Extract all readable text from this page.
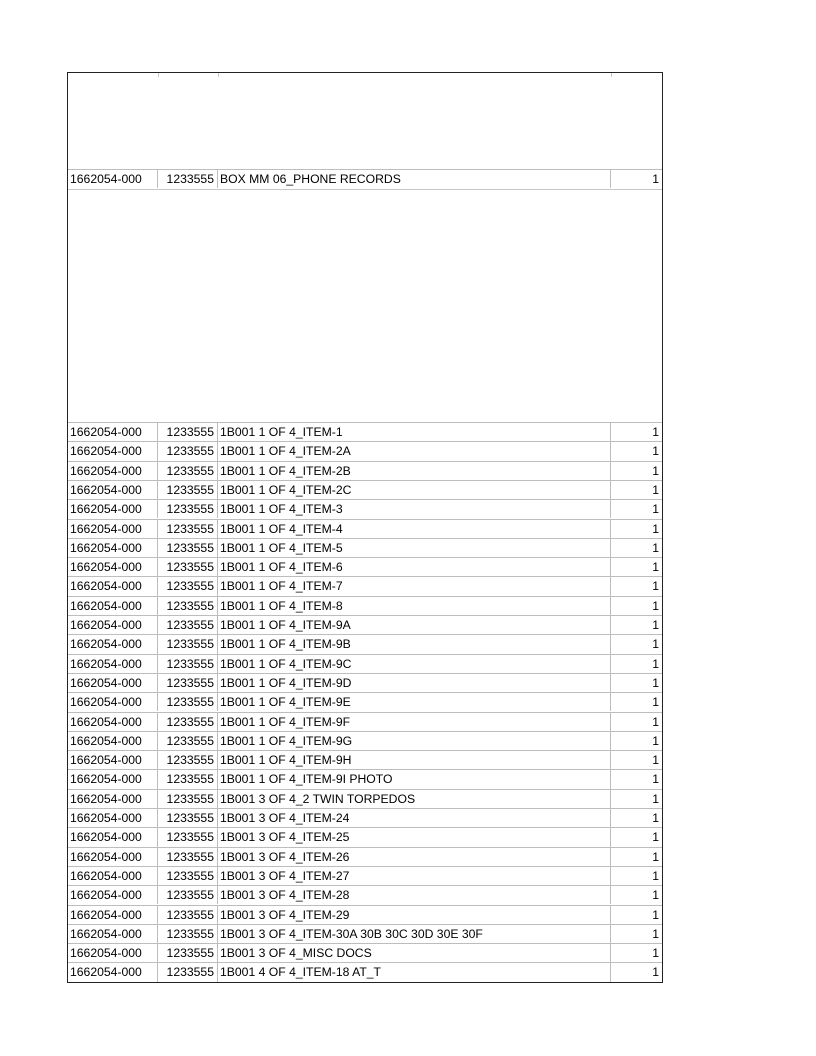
1662054-000	1233555 BOX MM 06_PHONE RECORDS	1
1662054-000	1233555 1B001 1 OF 4_ITEM-1	1
1662054-000	1233555 1B001 1 OF 4_ITEM-2A	1
1662054-000	1233555 1B001 1 OF 4_ITEM-2B	1
1662054-000	1233555 1B001 1 OF 4_ITEM-2C	1
1662054-000	1233555 1B001 1 OF 4_ITEM-3	1
1662054-000	1233555 1B001 1 OF 4_ITEM-4	1
1662054-000	1233555 1B001 1 OF 4_ITEM-5	1
1662054-000	1233555 1B001 1 OF 4_ITEM-6	1
1662054-000	1233555 1B001 1 OF 4_ITEM-7	1
1662054-000	1233555 1B001 1 OF 4_ITEM-8	1
1662054-000	1233555 1B001 1 OF 4_ITEM-9A	1
1662054-000	1233555 1B001 1 OF 4_ITEM-9B	1
1662054-000	1233555 1B001 1 OF 4_ITEM-9C	1
1662054-000	1233555 1B001 1 OF 4_ITEM-9D	1
1662054-000	1233555 1B001 1 OF 4_ITEM-9E	1
1662054-000	1233555 1B001 1 OF 4_ITEM-9F	1
1662054-000	1233555 1B001 1 OF 4_ITEM-9G	1
1662054-000	1233555 1B001 1 OF 4_ITEM-9H	1
1662054-000	1233555 1B001 1 OF 4_ITEM-9I PHOTO	1
1662054-000	1233555 1B001 3 OF 4_2 TWIN TORPEDOS	1
1662054-000	1233555 1B001 3 OF 4_ITEM-24	1
1662054-000	1233555 1B001 3 OF 4_ITEM-25	1
1662054-000	1233555 1B001 3 OF 4_ITEM-26	1
1662054-000	1233555 1B001 3 OF 4_ITEM-27	1
1662054-000	1233555 1B001 3 OF 4_ITEM-28	1
1662054-000	1233555 1B001 3 OF 4_ITEM-29	1
1662054-000	1233555 1B001 3 OF 4_ITEM-30A 30B 30C 30D 30E 30F	1
1662054-000	1233555 1B001 3 OF 4_MISC DOCS	1
1662054-000	1233555 1B001 4 OF 4_ITEM-18 AT_T	1
